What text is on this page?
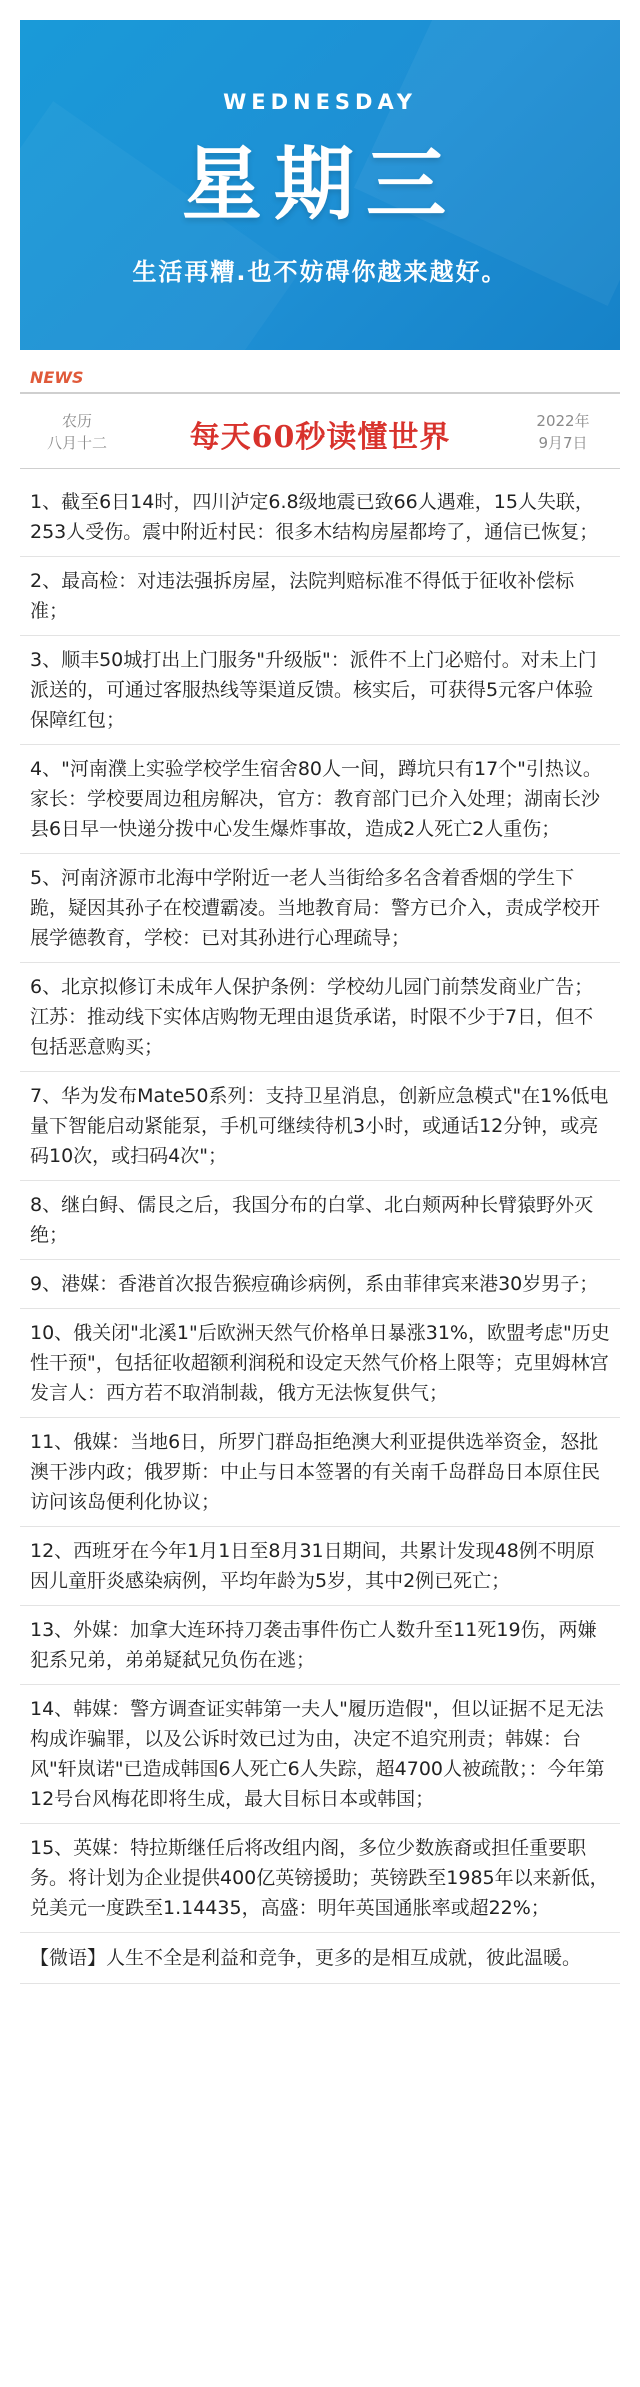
WEDNESDAY
星期三
生活再糟.也不妨碍你越来越好。
NEWS
农历
八月十二	每天60秒读懂世界	2022年
9月7日
1、截至6日14时，四川泸定6.8级地震已致66人遇难，15人失联，253人受伤。震中附近村民：很多木结构房屋都垮了，通信已恢复；
2、最高检：对违法强拆房屋，法院判赔标准不得低于征收补偿标准；
3、顺丰50城打出上门服务"升级版"：派件不上门必赔付。对未上门派送的，可通过客服热线等渠道反馈。核实后，可获得5元客户体验保障红包；
4、"河南濮上实验学校学生宿舍80人一间，蹲坑只有17个"引热议。家长：学校要周边租房解决，官方：教育部门已介入处理；湖南长沙县6日早一快递分拨中心发生爆炸事故，造成2人死亡2人重伤；
5、河南济源市北海中学附近一老人当街给多名含着香烟的学生下跪，疑因其孙子在校遭霸凌。当地教育局：警方已介入，责成学校开展学德教育，学校：已对其孙进行心理疏导；
6、北京拟修订未成年人保护条例：学校幼儿园门前禁发商业广告；江苏：推动线下实体店购物无理由退货承诺，时限不少于7日，但不包括恶意购买；
7、华为发布Mate50系列：支持卫星消息，创新应急模式"在1%低电量下智能启动紧能泵，手机可继续待机3小时，或通话12分钟，或亮码10次，或扫码4次"；
8、继白鲟、儒艮之后，我国分布的白掌、北白颊两种长臂猿野外灭绝；
9、港媒：香港首次报告猴痘确诊病例，系由菲律宾来港30岁男子；
10、俄关闭"北溪1"后欧洲天然气价格单日暴涨31%，欧盟考虑"历史性干预"，包括征收超额利润税和设定天然气价格上限等；克里姆林宫发言人：西方若不取消制裁，俄方无法恢复供气；
11、俄媒：当地6日，所罗门群岛拒绝澳大利亚提供选举资金，怒批澳干涉内政；俄罗斯：中止与日本签署的有关南千岛群岛日本原住民访问该岛便利化协议；
12、西班牙在今年1月1日至8月31日期间，共累计发现48例不明原因儿童肝炎感染病例，平均年龄为5岁，其中2例已死亡；
13、外媒：加拿大连环持刀袭击事件伤亡人数升至11死19伤，两嫌犯系兄弟，弟弟疑弑兄负伤在逃；
14、韩媒：警方调查证实韩第一夫人"履历造假"，但以证据不足无法构成诈骗罪，以及公诉时效已过为由，决定不追究刑责；韩媒：台风"轩岚诺"已造成韩国6人死亡6人失踪，超4700人被疏散；：今年第12号台风梅花即将生成，最大目标日本或韩国；
15、英媒：特拉斯继任后将改组内阁，多位少数族裔或担任重要职务。将计划为企业提供400亿英镑援助；英镑跌至1985年以来新低，兑美元一度跌至1.14435，高盛：明年英国通胀率或超22%；
【微语】人生不全是利益和竞争，更多的是相互成就，彼此温暖。
